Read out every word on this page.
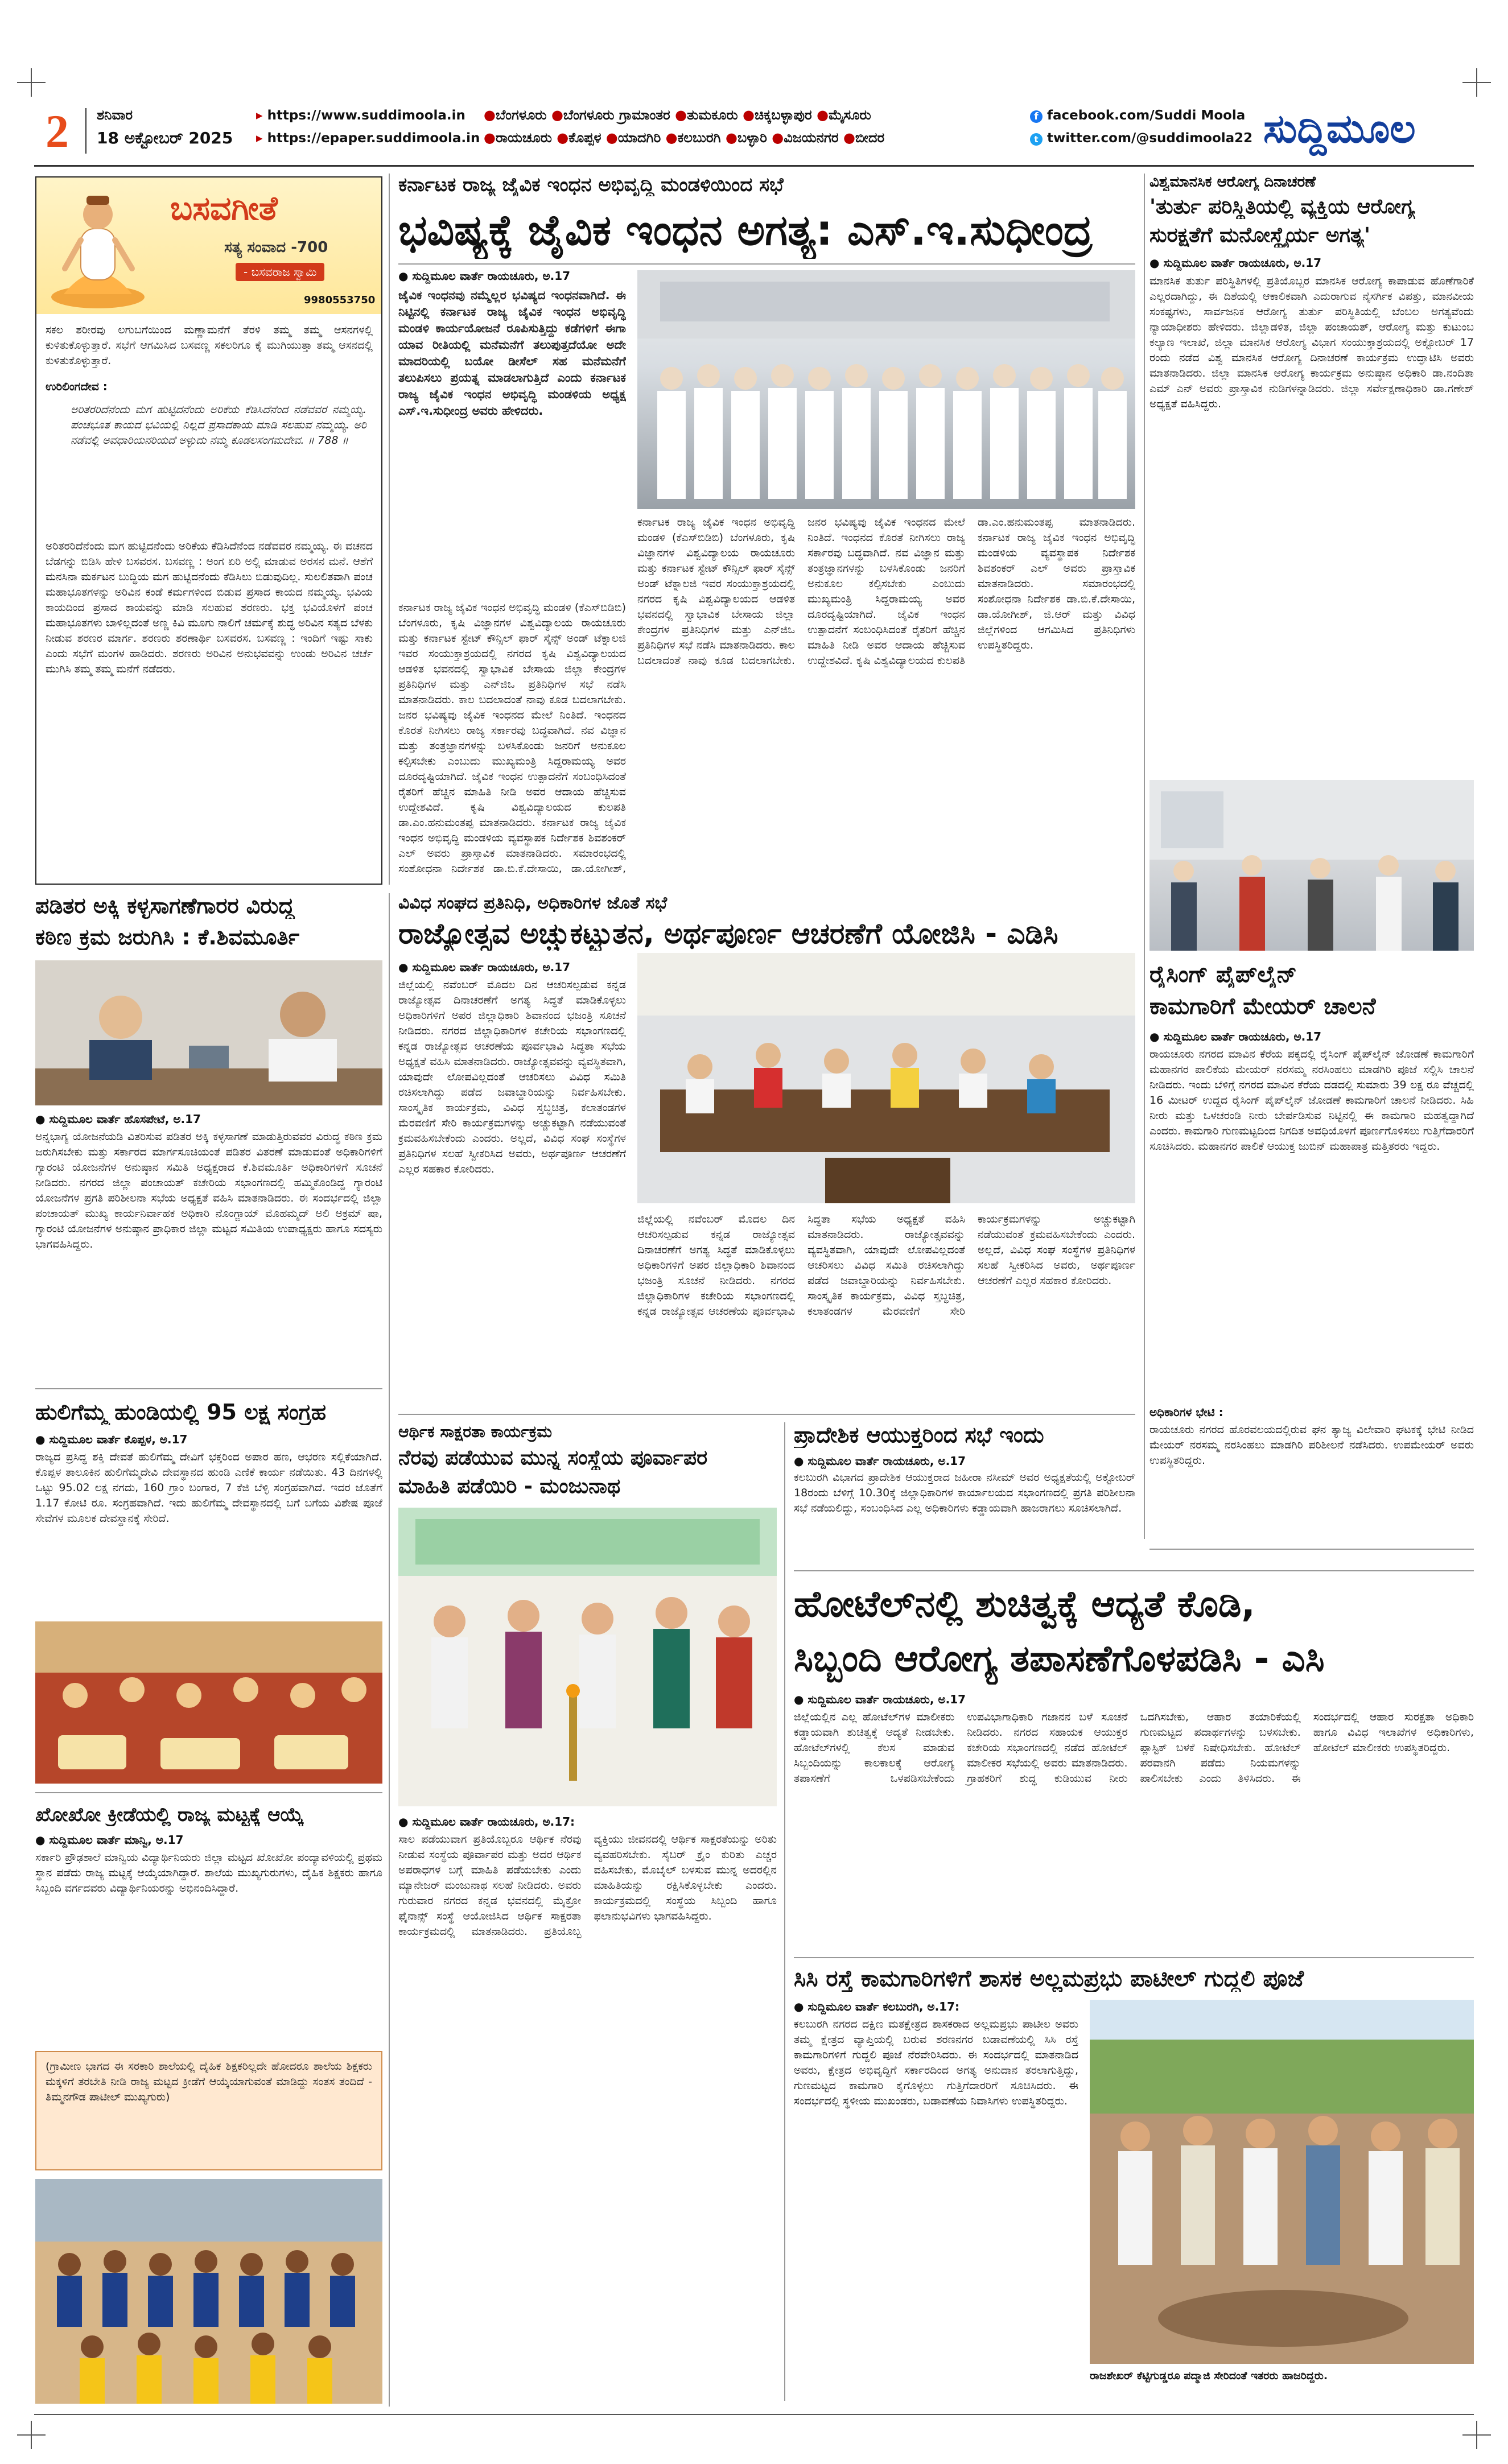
2 ಶನಿವಾರ
18 ಅಕ್ಟೋಬರ್ 2025
▸ https://www.suddimoola.in
▸ https://epaper.suddimoola.in
●ಬೆಂಗಳೂರು ●ಬೆಂಗಳೂರು ಗ್ರಾಮಾಂತರ ●ತುಮಕೂರು ●ಚಿಕ್ಕಬಳ್ಳಾಪುರ ●ಮೈಸೂರು
●ರಾಯಚೂರು ●ಕೊಪ್ಪಳ ●ಯಾದಗಿರಿ ●ಕಲಬುರಗಿ ●ಬಳ್ಳಾರಿ ●ವಿಜಯನಗರ ●ಬೀದರ
f facebook.com/Suddi Moola
t twitter.com/@suddimoola22 ಸುದ್ದಿಮೂಲ
ಬಸವಗೀತೆ
ಸತ್ಯ ಸಂವಾದ -700
- ಬಸವರಾಜ ಸ್ವಾಮಿ
9980553750
ಸಕಲ ಶರೀರವು ಲಗುಬಗೆಯಿಂದ ಮಣ್ಣಾಮನೆಗೆ ತೆರಳಿ ತಮ್ಮ ತಮ್ಮ ಆಸನಗಳಲ್ಲಿ ಕುಳಿತುಕೊಳ್ಳುತ್ತಾರೆ. ಸಭೆಗೆ ಆಗಮಿಸಿದ ಬಸವಣ್ಣ ಸಕಲರಿಗೂ ಕೈ ಮುಗಿಯುತ್ತಾ ತಮ್ಮ ಆಸನದಲ್ಲಿ ಕುಳಿತುಕೊಳ್ಳುತ್ತಾರೆ.
ಉರಿಲಿಂಗದೇವ :
ಅರಿತರರಿದೆನೆಂದು ಮಗ ಹುಟ್ಟಿದನೆಂದು ಅರಿಕೆಯ ಕೆಡಿಸಿದೆನೆಂದ ನಡೆವವರ ನಮ್ಮಯ್ಯ. ಪಂಚಭೂತ ಕಾಯದ ಭವಿಯಲ್ಲಿ ನಿಲ್ಲದ ಪ್ರಸಾದಕಾಯ ಮಾಡಿ ಸಲಹುವ ನಮ್ಮಯ್ಯ. ಅರಿ ನಡೆವಲ್ಲಿ ಅವಧಾರಿಯನರಿಯದೆ ಅಳ್ಳುದು ನಮ್ಮ ಕೂಡಲಸಂಗಮದೇವ. ॥ 788 ॥
ಅರಿತರರಿದೆನೆಂದು ಮಗ ಹುಟ್ಟಿದನೆಂದು ಅರಿಕೆಯ ಕೆಡಿಸಿದೆನೆಂದ ನಡೆವವರ ನಮ್ಮಯ್ಯ. ಈ ವಚನದ ಬೆಡಗನ್ನು ಬಿಡಿಸಿ ಹೇಳಿ ಬಸವರಸ. ಬಸವಣ್ಣ : ಅಂಗ ಏರಿ ಅಲ್ಲಿ ಮಾಡುವ ಅರಸನ ಮನೆ. ಆಶೆಗೆ ಮನಸಿನಾ ಮರ್ಕಟನ ಬುದ್ಧಿಯ ಮಗ ಹುಟ್ಟಿದನೆಂದು ಕೆಡಿಸಿಲು ಬಿಡುವುದಿಲ್ಲ. ಸುಲಲಿತವಾಗಿ ಪಂಚ ಮಹಾಭೂತಗಳನ್ನು ಅರಿವಿನ ಕಂಡೆ ಕರ್ಮಗಳಿಂದ ಬಿಡುವ ಪ್ರಸಾದ ಕಾಯದ ನಮ್ಮಯ್ಯ. ಭವಿಯ ಕಾಯದಿಂದ ಪ್ರಸಾದ ಕಾಯವನ್ನು ಮಾಡಿ ಸಲಹುವ ಶರಣರು. ಭಕ್ತ ಭವಿಯೊಳಗೆ ಪಂಚ ಮಹಾಭೂತಗಳು ಬಾಳಿಲ್ಲದಂತೆ ಅಣ್ಣ ಕಿವಿ ಮೂಗು ನಾಲಿಗೆ ಚರ್ಮಕ್ಕೆ ಶುದ್ಧ ಅರಿವಿನ ಸತ್ಯದ ಬೆಳಕು ನೀಡುವ ಶರಣರ ಮಾರ್ಗ. ಶರಣರು ಶರಣಾರ್ಥಿ ಬಸವರಸ. ಬಸವಣ್ಣ : ಇಂದಿಗೆ ಇಷ್ಟು ಸಾಕು ಎಂದು ಸಭೆಗೆ ಮಂಗಳ ಹಾಡಿದರು. ಶರಣರು ಅರಿವಿನ ಅನುಭವವನ್ನು ಉಂಡು ಅರಿವಿನ ಚರ್ಚೆ ಮುಗಿಸಿ ತಮ್ಮ ತಮ್ಮ ಮನೆಗೆ ನಡೆದರು.
ಕರ್ನಾಟಕ ರಾಜ್ಯ ಜೈವಿಕ ಇಂಧನ ಅಭಿವೃದ್ಧಿ ಮಂಡಳಿಯಿಂದ ಸಭೆ
ಭವಿಷ್ಯಕ್ಕೆ ಜೈವಿಕ ಇಂಧನ ಅಗತ್ಯ: ಎಸ್.ಇ.ಸುಧೀಂದ್ರ
● ಸುದ್ದಿಮೂಲ ವಾರ್ತೆ ರಾಯಚೂರು, ಅ.17
ಜೈವಿಕ ಇಂಧನವು ನಮ್ಮೆಲ್ಲರ ಭವಿಷ್ಯದ ಇಂಧನವಾಗಿದೆ. ಈ ನಿಟ್ಟಿನಲ್ಲಿ ಕರ್ನಾಟಕ ರಾಜ್ಯ ಜೈವಿಕ ಇಂಧನ ಅಭಿವೃದ್ಧಿ ಮಂಡಳಿ ಕಾರ್ಯಯೋಜನೆ ರೂಪಿಸುತ್ತಿದ್ದು ಕಡೆಗಳಿಗೆ ಈಗಾ ಯಾವ ರೀತಿಯಲ್ಲಿ ಮನೆಮನೆಗೆ ತಲುಪುತ್ತದೆಯೋ ಅದೇ ಮಾದರಿಯಲ್ಲಿ ಬಯೋ ಡೀಸೆಲ್ ಸಹ ಮನೆಮನೆಗೆ ತಲುಪಿಸಲು ಪ್ರಯತ್ನ ಮಾಡಲಾಗುತ್ತಿದೆ ಎಂದು ಕರ್ನಾಟಕ ರಾಜ್ಯ ಜೈವಿಕ ಇಂಧನ ಅಭಿವೃದ್ಧಿ ಮಂಡಳಿಯ ಅಧ್ಯಕ್ಷ ಎಸ್.ಇ.ಸುಧೀಂದ್ರ ಅವರು ಹೇಳಿದರು.
ಕರ್ನಾಟಕ ರಾಜ್ಯ ಜೈವಿಕ ಇಂಧನ ಅಭಿವೃದ್ಧಿ ಮಂಡಳಿ (ಕೆಎಸ್‌ಬಿಡಿಬಿ) ಬೆಂಗಳೂರು, ಕೃಷಿ ವಿಜ್ಞಾನಗಳ ವಿಶ್ವವಿದ್ಯಾಲಯ ರಾಯಚೂರು ಮತ್ತು ಕರ್ನಾಟಕ ಸ್ಟೇಟ್ ಕೌನ್ಸಿಲ್ ಫಾರ್ ಸೈನ್ಸ್ ಅಂಡ್ ಟೆಕ್ನಾಲಜಿ ಇವರ ಸಂಯುಕ್ತಾಶ್ರಯದಲ್ಲಿ ನಗರದ ಕೃಷಿ ವಿಶ್ವವಿದ್ಯಾಲಯದ ಆಡಳಿತ ಭವನದಲ್ಲಿ ಸ್ವಾಭಾವಿಕ ಬೇಸಾಯ ಜಿಲ್ಲಾ ಕೇಂದ್ರಗಳ ಪ್ರತಿನಿಧಿಗಳ ಮತ್ತು ಎನ್‌ಜಿಒ ಪ್ರತಿನಿಧಿಗಳ ಸಭೆ ನಡೆಸಿ ಮಾತನಾಡಿದರು. ಕಾಲ ಬದಲಾದಂತೆ ನಾವು ಕೂಡ ಬದಲಾಗಬೇಕು. ಜನರ ಭವಿಷ್ಯವು ಜೈವಿಕ ಇಂಧನದ ಮೇಲೆ ನಿಂತಿದೆ. ಇಂಧನದ ಕೊರತೆ ನೀಗಿಸಲು ರಾಜ್ಯ ಸರ್ಕಾರವು ಬದ್ಧವಾಗಿದೆ. ನವ ವಿಜ್ಞಾನ ಮತ್ತು ತಂತ್ರಜ್ಞಾನಗಳನ್ನು ಬಳಸಿಕೊಂಡು ಜನರಿಗೆ ಅನುಕೂಲ ಕಲ್ಪಿಸಬೇಕು ಎಂಬುದು ಮುಖ್ಯಮಂತ್ರಿ ಸಿದ್ದರಾಮಯ್ಯ ಅವರ ದೂರದೃಷ್ಟಿಯಾಗಿದೆ. ಜೈವಿಕ ಇಂಧನ ಉತ್ಪಾದನೆಗೆ ಸಂಬಂಧಿಸಿದಂತೆ ರೈತರಿಗೆ ಹೆಚ್ಚಿನ ಮಾಹಿತಿ ನೀಡಿ ಅವರ ಆದಾಯ ಹೆಚ್ಚಿಸುವ ಉದ್ದೇಶವಿದೆ. ಕೃಷಿ ವಿಶ್ವವಿದ್ಯಾಲಯದ ಕುಲಪತಿ ಡಾ.ಎಂ.ಹನುಮಂತಪ್ಪ ಮಾತನಾಡಿದರು. ಕರ್ನಾಟಕ ರಾಜ್ಯ ಜೈವಿಕ ಇಂಧನ ಅಭಿವೃದ್ಧಿ ಮಂಡಳಿಯ ವ್ಯವಸ್ಥಾಪಕ ನಿರ್ದೇಶಕ ಶಿವಶಂಕರ್ ಎಲ್ ಅವರು ಪ್ರಾಸ್ತಾವಿಕ ಮಾತನಾಡಿದರು. ಸಮಾರಂಭದಲ್ಲಿ ಸಂಶೋಧನಾ ನಿರ್ದೇಶಕ ಡಾ.ಬಿ.ಕೆ.ದೇಸಾಯಿ, ಡಾ.ಯೋಗೀಶ್,
ಕರ್ನಾಟಕ ರಾಜ್ಯ ಜೈವಿಕ ಇಂಧನ ಅಭಿವೃದ್ಧಿ ಮಂಡಳಿ (ಕೆಎಸ್‌ಬಿಡಿಬಿ) ಬೆಂಗಳೂರು, ಕೃಷಿ ವಿಜ್ಞಾನಗಳ ವಿಶ್ವವಿದ್ಯಾಲಯ ರಾಯಚೂರು ಮತ್ತು ಕರ್ನಾಟಕ ಸ್ಟೇಟ್ ಕೌನ್ಸಿಲ್ ಫಾರ್ ಸೈನ್ಸ್ ಅಂಡ್ ಟೆಕ್ನಾಲಜಿ ಇವರ ಸಂಯುಕ್ತಾಶ್ರಯದಲ್ಲಿ ನಗರದ ಕೃಷಿ ವಿಶ್ವವಿದ್ಯಾಲಯದ ಆಡಳಿತ ಭವನದಲ್ಲಿ ಸ್ವಾಭಾವಿಕ ಬೇಸಾಯ ಜಿಲ್ಲಾ ಕೇಂದ್ರಗಳ ಪ್ರತಿನಿಧಿಗಳ ಮತ್ತು ಎನ್‌ಜಿಒ ಪ್ರತಿನಿಧಿಗಳ ಸಭೆ ನಡೆಸಿ ಮಾತನಾಡಿದರು. ಕಾಲ ಬದಲಾದಂತೆ ನಾವು ಕೂಡ ಬದಲಾಗಬೇಕು. ಜನರ ಭವಿಷ್ಯವು ಜೈವಿಕ ಇಂಧನದ ಮೇಲೆ ನಿಂತಿದೆ. ಇಂಧನದ ಕೊರತೆ ನೀಗಿಸಲು ರಾಜ್ಯ ಸರ್ಕಾರವು ಬದ್ಧವಾಗಿದೆ. ನವ ವಿಜ್ಞಾನ ಮತ್ತು ತಂತ್ರಜ್ಞಾನಗಳನ್ನು ಬಳಸಿಕೊಂಡು ಜನರಿಗೆ ಅನುಕೂಲ ಕಲ್ಪಿಸಬೇಕು ಎಂಬುದು ಮುಖ್ಯಮಂತ್ರಿ ಸಿದ್ದರಾಮಯ್ಯ ಅವರ ದೂರದೃಷ್ಟಿಯಾಗಿದೆ. ಜೈವಿಕ ಇಂಧನ ಉತ್ಪಾದನೆಗೆ ಸಂಬಂಧಿಸಿದಂತೆ ರೈತರಿಗೆ ಹೆಚ್ಚಿನ ಮಾಹಿತಿ ನೀಡಿ ಅವರ ಆದಾಯ ಹೆಚ್ಚಿಸುವ ಉದ್ದೇಶವಿದೆ. ಕೃಷಿ ವಿಶ್ವವಿದ್ಯಾಲಯದ ಕುಲಪತಿ ಡಾ.ಎಂ.ಹನುಮಂತಪ್ಪ ಮಾತನಾಡಿದರು. ಕರ್ನಾಟಕ ರಾಜ್ಯ ಜೈವಿಕ ಇಂಧನ ಅಭಿವೃದ್ಧಿ ಮಂಡಳಿಯ ವ್ಯವಸ್ಥಾಪಕ ನಿರ್ದೇಶಕ ಶಿವಶಂಕರ್ ಎಲ್ ಅವರು ಪ್ರಾಸ್ತಾವಿಕ ಮಾತನಾಡಿದರು. ಸಮಾರಂಭದಲ್ಲಿ ಸಂಶೋಧನಾ ನಿರ್ದೇಶಕ ಡಾ.ಬಿ.ಕೆ.ದೇಸಾಯಿ, ಡಾ.ಯೋಗೀಶ್, ಜಿ.ಆರ್ ಮತ್ತು ವಿವಿಧ ಜಿಲ್ಲೆಗಳಿಂದ ಆಗಮಿಸಿದ ಪ್ರತಿನಿಧಿಗಳು ಉಪಸ್ಥಿತರಿದ್ದರು.
ವಿಶ್ವಮಾನಸಿಕ ಆರೋಗ್ಯ ದಿನಾಚರಣೆ
'ತುರ್ತು ಪರಿಸ್ಥಿತಿಯಲ್ಲಿ ವ್ಯಕ್ತಿಯ ಆರೋಗ್ಯ
ಸುರಕ್ಷತೆಗೆ ಮನೋಸ್ಥೈರ್ಯ ಅಗತ್ಯ'
● ಸುದ್ದಿಮೂಲ ವಾರ್ತೆ ರಾಯಚೂರು, ಅ.17
ಮಾನಸಿಕ ತುರ್ತು ಪರಿಸ್ಥಿತಿಗಳಲ್ಲಿ ಪ್ರತಿಯೊಬ್ಬರ ಮಾನಸಿಕ ಆರೋಗ್ಯ ಕಾಪಾಡುವ ಹೊಣೆಗಾರಿಕೆ ಎಲ್ಲರದಾಗಿದ್ದು, ಈ ದಿಶೆಯಲ್ಲಿ ಆಕಾಲಿಕವಾಗಿ ಎದುರಾಗುವ ನೈಸರ್ಗಿಕ ವಿಪತ್ತು, ಮಾನವೀಯ ಸಂಕಷ್ಟಗಳು, ಸಾರ್ವಜನಿಕ ಆರೋಗ್ಯ ತುರ್ತು ಪರಿಸ್ಥಿತಿಯಲ್ಲಿ ಬೆಂಬಲ ಅಗತ್ಯವೆಂದು ನ್ಯಾಯಾಧೀಶರು ಹೇಳಿದರು. ಜಿಲ್ಲಾಡಳಿತ, ಜಿಲ್ಲಾ ಪಂಚಾಯತ್, ಆರೋಗ್ಯ ಮತ್ತು ಕುಟುಂಬ ಕಲ್ಯಾಣ ಇಲಾಖೆ, ಜಿಲ್ಲಾ ಮಾನಸಿಕ ಆರೋಗ್ಯ ವಿಭಾಗ ಸಂಯುಕ್ತಾಶ್ರಯದಲ್ಲಿ ಅಕ್ಟೋಬರ್ 17 ರಂದು ನಡೆದ ವಿಶ್ವ ಮಾನಸಿಕ ಆರೋಗ್ಯ ದಿನಾಚರಣೆ ಕಾರ್ಯಕ್ರಮ ಉದ್ಘಾಟಿಸಿ ಅವರು ಮಾತನಾಡಿದರು. ಜಿಲ್ಲಾ ಮಾನಸಿಕ ಆರೋಗ್ಯ ಕಾರ್ಯಕ್ರಮ ಅನುಷ್ಠಾನ ಅಧಿಕಾರಿ ಡಾ.ನಂದಿತಾ ಎಮ್ ಎನ್ ಅವರು ಪ್ರಾಸ್ತಾವಿಕ ನುಡಿಗಳನ್ನಾಡಿದರು. ಜಿಲ್ಲಾ ಸರ್ವೇಕ್ಷಣಾಧಿಕಾರಿ ಡಾ.ಗಣೇಶ್ ಅಧ್ಯಕ್ಷತೆ ವಹಿಸಿದ್ದರು.
ಪಡಿತರ ಅಕ್ಕಿ ಕಳ್ಳಸಾಗಣೆಗಾರರ ವಿರುದ್ಧ
ಕಠಿಣ ಕ್ರಮ ಜರುಗಿಸಿ : ಕೆ.ಶಿವಮೂರ್ತಿ
● ಸುದ್ದಿಮೂಲ ವಾರ್ತೆ ಹೊಸಪೇಟೆ, ಅ.17
ಅನ್ನಭಾಗ್ಯ ಯೋಜನೆಯಡಿ ವಿತರಿಸುವ ಪಡಿತರ ಅಕ್ಕಿ ಕಳ್ಳಸಾಗಣೆ ಮಾಡುತ್ತಿರುವವರ ವಿರುದ್ಧ ಕಠಿಣ ಕ್ರಮ ಜರುಗಿಸಬೇಕು ಮತ್ತು ಸರ್ಕಾರದ ಮಾರ್ಗಸೂಚಿಯಂತೆ ಪಡಿತರ ವಿತರಣೆ ಮಾಡುವಂತೆ ಅಧಿಕಾರಿಗಳಿಗೆ ಗ್ಯಾರಂಟಿ ಯೋಜನೆಗಳ ಅನುಷ್ಠಾನ ಸಮಿತಿ ಅಧ್ಯಕ್ಷರಾದ ಕೆ.ಶಿವಮೂರ್ತಿ ಅಧಿಕಾರಿಗಳಿಗೆ ಸೂಚನೆ ನೀಡಿದರು. ನಗರದ ಜಿಲ್ಲಾ ಪಂಚಾಯತ್ ಕಚೇರಿಯ ಸಭಾಂಗಣದಲ್ಲಿ ಹಮ್ಮಿಕೊಂಡಿದ್ದ ಗ್ಯಾರಂಟಿ ಯೋಜನೆಗಳ ಪ್ರಗತಿ ಪರಿಶೀಲನಾ ಸಭೆಯ ಅಧ್ಯಕ್ಷತೆ ವಹಿಸಿ ಮಾತನಾಡಿದರು. ಈ ಸಂದರ್ಭದಲ್ಲಿ ಜಿಲ್ಲಾ ಪಂಚಾಯತ್ ಮುಖ್ಯ ಕಾರ್ಯನಿರ್ವಾಹಕ ಅಧಿಕಾರಿ ನೊಂಗ್ಜಾಯ್ ಮೊಹಮ್ಮದ್ ಅಲಿ ಅಕ್ರಮ್ ಷಾ, ಗ್ಯಾರಂಟಿ ಯೋಜನೆಗಳ ಅನುಷ್ಠಾನ ಪ್ರಾಧಿಕಾರ ಜಿಲ್ಲಾ ಮಟ್ಟದ ಸಮಿತಿಯ ಉಪಾಧ್ಯಕ್ಷರು ಹಾಗೂ ಸದಸ್ಯರು ಭಾಗವಹಿಸಿದ್ದರು.
ಹುಲಿಗೆಮ್ಮ ಹುಂಡಿಯಲ್ಲಿ 95 ಲಕ್ಷ ಸಂಗ್ರಹ
● ಸುದ್ದಿಮೂಲ ವಾರ್ತೆ ಕೊಪ್ಪಳ, ಅ.17
ರಾಜ್ಯದ ಪ್ರಸಿದ್ಧ ಶಕ್ತಿ ದೇವತೆ ಹುಲಿಗೆಮ್ಮ ದೇವಿಗೆ ಭಕ್ತರಿಂದ ಅಪಾರ ಹಣ, ಆಭರಣ ಸಲ್ಲಿಕೆಯಾಗಿದೆ. ಕೊಪ್ಪಳ ತಾಲೂಕಿನ ಹುಲಿಗೆಮ್ಮದೇವಿ ದೇವಸ್ಥಾನದ ಹುಂಡಿ ಎಣಿಕೆ ಕಾರ್ಯ ನಡೆಯಿತು. 43 ದಿನಗಳಲ್ಲಿ ಒಟ್ಟು 95.02 ಲಕ್ಷ ನಗದು, 160 ಗ್ರಾಂ ಬಂಗಾರ, 7 ಕೆಜಿ ಬೆಳ್ಳಿ ಸಂಗ್ರಹವಾಗಿದೆ. ಇದರ ಜೊತೆಗೆ 1.17 ಕೋಟಿ ರೂ. ಸಂಗ್ರಹವಾಗಿದೆ. ಇದು ಹುಲಿಗೆಮ್ಮ ದೇವಸ್ಥಾನದಲ್ಲಿ ಬಗೆ ಬಗೆಯ ವಿಶೇಷ ಪೂಜೆ ಸೇವೆಗಳ ಮೂಲಕ ದೇವಸ್ಥಾನಕ್ಕೆ ಸೇರಿದೆ.
ಖೋಖೋ ಕ್ರೀಡೆಯಲ್ಲಿ ರಾಜ್ಯ ಮಟ್ಟಕ್ಕೆ ಆಯ್ಕೆ
● ಸುದ್ದಿಮೂಲ ವಾರ್ತೆ ಮಾನ್ವಿ, ಅ.17
ಸರ್ಕಾರಿ ಪ್ರೌಢಶಾಲೆ ಮಾನ್ವಿಯ ವಿದ್ಯಾರ್ಥಿನಿಯರು ಜಿಲ್ಲಾ ಮಟ್ಟದ ಖೋಖೋ ಪಂದ್ಯಾವಳಿಯಲ್ಲಿ ಪ್ರಥಮ ಸ್ಥಾನ ಪಡೆದು ರಾಜ್ಯ ಮಟ್ಟಕ್ಕೆ ಆಯ್ಕೆಯಾಗಿದ್ದಾರೆ. ಶಾಲೆಯ ಮುಖ್ಯಗುರುಗಳು, ದೈಹಿಕ ಶಿಕ್ಷಕರು ಹಾಗೂ ಸಿಬ್ಬಂದಿ ವರ್ಗದವರು ವಿದ್ಯಾರ್ಥಿನಿಯರನ್ನು ಅಭಿನಂದಿಸಿದ್ದಾರೆ.
(ಗ್ರಾಮೀಣ ಭಾಗದ ಈ ಸರಕಾರಿ ಶಾಲೆಯಲ್ಲಿ ದೈಹಿಕ ಶಿಕ್ಷಕರಿಲ್ಲದೇ ಹೋದರೂ ಶಾಲೆಯ ಶಿಕ್ಷಕರು ಮಕ್ಕಳಿಗೆ ತರಬೇತಿ ನೀಡಿ ರಾಜ್ಯ ಮಟ್ಟದ ಕ್ರೀಡೆಗೆ ಆಯ್ಕೆಯಾಗುವಂತೆ ಮಾಡಿದ್ದು ಸಂತಸ ತಂದಿದೆ - ತಿಮ್ಮನಗೌಡ ಪಾಟೀಲ್ ಮುಖ್ಯಗುರು)
ವಿವಿಧ ಸಂಘದ ಪ್ರತಿನಿಧಿ, ಅಧಿಕಾರಿಗಳ ಜೊತೆ ಸಭೆ
ರಾಜ್ಯೋತ್ಸವ ಅಚ್ಚುಕಟ್ಟುತನ, ಅರ್ಥಪೂರ್ಣ ಆಚರಣೆಗೆ ಯೋಜಿಸಿ - ಎಡಿಸಿ
● ಸುದ್ದಿಮೂಲ ವಾರ್ತೆ ರಾಯಚೂರು, ಅ.17
ಜಿಲ್ಲೆಯಲ್ಲಿ ನವೆಂಬರ್ ಮೊದಲ ದಿನ ಆಚರಿಸಲ್ಪಡುವ ಕನ್ನಡ ರಾಜ್ಯೋತ್ಸವ ದಿನಾಚರಣೆಗೆ ಅಗತ್ಯ ಸಿದ್ಧತೆ ಮಾಡಿಕೊಳ್ಳಲು ಅಧಿಕಾರಿಗಳಿಗೆ ಅಪರ ಜಿಲ್ಲಾಧಿಕಾರಿ ಶಿವಾನಂದ ಭಜಂತ್ರಿ ಸೂಚನೆ ನೀಡಿದರು. ನಗರದ ಜಿಲ್ಲಾಧಿಕಾರಿಗಳ ಕಚೇರಿಯ ಸಭಾಂಗಣದಲ್ಲಿ ಕನ್ನಡ ರಾಜ್ಯೋತ್ಸವ ಆಚರಣೆಯ ಪೂರ್ವಭಾವಿ ಸಿದ್ಧತಾ ಸಭೆಯ ಅಧ್ಯಕ್ಷತೆ ವಹಿಸಿ ಮಾತನಾಡಿದರು. ರಾಜ್ಯೋತ್ಸವವನ್ನು ವ್ಯವಸ್ಥಿತವಾಗಿ, ಯಾವುದೇ ಲೋಪವಿಲ್ಲದಂತೆ ಆಚರಿಸಲು ವಿವಿಧ ಸಮಿತಿ ರಚಿಸಲಾಗಿದ್ದು ಪಡೆದ ಜವಾಬ್ದಾರಿಯನ್ನು ನಿರ್ವಹಿಸಬೇಕು. ಸಾಂಸ್ಕೃತಿಕ ಕಾರ್ಯಕ್ರಮ, ವಿವಿಧ ಸ್ತಬ್ಧಚಿತ್ರ, ಕಲಾತಂಡಗಳ ಮೆರವಣಿಗೆ ಸೇರಿ ಕಾರ್ಯಕ್ರಮಗಳನ್ನು ಅಚ್ಚುಕಟ್ಟಾಗಿ ನಡೆಯುವಂತೆ ಕ್ರಮವಹಿಸಬೇಕೆಂದು ಎಂದರು. ಅಲ್ಲದೆ, ವಿವಿಧ ಸಂಘ ಸಂಸ್ಥೆಗಳ ಪ್ರತಿನಿಧಿಗಳ ಸಲಹೆ ಸ್ವೀಕರಿಸಿದ ಅವರು, ಅರ್ಥಪೂರ್ಣ ಆಚರಣೆಗೆ ಎಲ್ಲರ ಸಹಕಾರ ಕೋರಿದರು.
ಜಿಲ್ಲೆಯಲ್ಲಿ ನವೆಂಬರ್ ಮೊದಲ ದಿನ ಆಚರಿಸಲ್ಪಡುವ ಕನ್ನಡ ರಾಜ್ಯೋತ್ಸವ ದಿನಾಚರಣೆಗೆ ಅಗತ್ಯ ಸಿದ್ಧತೆ ಮಾಡಿಕೊಳ್ಳಲು ಅಧಿಕಾರಿಗಳಿಗೆ ಅಪರ ಜಿಲ್ಲಾಧಿಕಾರಿ ಶಿವಾನಂದ ಭಜಂತ್ರಿ ಸೂಚನೆ ನೀಡಿದರು. ನಗರದ ಜಿಲ್ಲಾಧಿಕಾರಿಗಳ ಕಚೇರಿಯ ಸಭಾಂಗಣದಲ್ಲಿ ಕನ್ನಡ ರಾಜ್ಯೋತ್ಸವ ಆಚರಣೆಯ ಪೂರ್ವಭಾವಿ ಸಿದ್ಧತಾ ಸಭೆಯ ಅಧ್ಯಕ್ಷತೆ ವಹಿಸಿ ಮಾತನಾಡಿದರು. ರಾಜ್ಯೋತ್ಸವವನ್ನು ವ್ಯವಸ್ಥಿತವಾಗಿ, ಯಾವುದೇ ಲೋಪವಿಲ್ಲದಂತೆ ಆಚರಿಸಲು ವಿವಿಧ ಸಮಿತಿ ರಚಿಸಲಾಗಿದ್ದು ಪಡೆದ ಜವಾಬ್ದಾರಿಯನ್ನು ನಿರ್ವಹಿಸಬೇಕು. ಸಾಂಸ್ಕೃತಿಕ ಕಾರ್ಯಕ್ರಮ, ವಿವಿಧ ಸ್ತಬ್ಧಚಿತ್ರ, ಕಲಾತಂಡಗಳ ಮೆರವಣಿಗೆ ಸೇರಿ ಕಾರ್ಯಕ್ರಮಗಳನ್ನು ಅಚ್ಚುಕಟ್ಟಾಗಿ ನಡೆಯುವಂತೆ ಕ್ರಮವಹಿಸಬೇಕೆಂದು ಎಂದರು. ಅಲ್ಲದೆ, ವಿವಿಧ ಸಂಘ ಸಂಸ್ಥೆಗಳ ಪ್ರತಿನಿಧಿಗಳ ಸಲಹೆ ಸ್ವೀಕರಿಸಿದ ಅವರು, ಅರ್ಥಪೂರ್ಣ ಆಚರಣೆಗೆ ಎಲ್ಲರ ಸಹಕಾರ ಕೋರಿದರು.
ರೈಸಿಂಗ್ ಪೈಪ್‌ಲೈನ್
ಕಾಮಗಾರಿಗೆ ಮೇಯರ್ ಚಾಲನೆ
● ಸುದ್ದಿಮೂಲ ವಾರ್ತೆ ರಾಯಚೂರು, ಅ.17
ರಾಯಚೂರು ನಗರದ ಮಾವಿನ ಕೆರೆಯ ಪಕ್ಕದಲ್ಲಿ ರೈಸಿಂಗ್ ಪೈಪ್‌ಲೈನ್ ಜೋಡಣೆ ಕಾಮಗಾರಿಗೆ ಮಹಾನಗರ ಪಾಲಿಕೆಯ ಮೇಯರ್ ನರಸಮ್ಮ ನರಸಿಂಹಲು ಮಾಡಗಿರಿ ಪೂಜೆ ಸಲ್ಲಿಸಿ ಚಾಲನೆ ನೀಡಿದರು. ಇಂದು ಬೆಳಿಗ್ಗೆ ನಗರದ ಮಾವಿನ ಕೆರೆಯ ದಡದಲ್ಲಿ ಸುಮಾರು 39 ಲಕ್ಷ ರೂ ವೆಚ್ಚದಲ್ಲಿ 16 ಮೀಟರ್ ಉದ್ದದ ರೈಸಿಂಗ್ ಪೈಪ್‌ಲೈನ್ ಜೋಡಣೆ ಕಾಮಗಾರಿಗೆ ಚಾಲನೆ ನೀಡಿದರು. ಸಿಹಿ ನೀರು ಮತ್ತು ಒಳಚರಂಡಿ ನೀರು ಬೇರ್ಪಡಿಸುವ ನಿಟ್ಟಿನಲ್ಲಿ ಈ ಕಾಮಗಾರಿ ಮಹತ್ವದ್ದಾಗಿದೆ ಎಂದರು. ಕಾಮಗಾರಿ ಗುಣಮಟ್ಟದಿಂದ ನಿಗದಿತ ಅವಧಿಯೊಳಗೆ ಪೂರ್ಣಗೊಳಿಸಲು ಗುತ್ತಿಗೆದಾರರಿಗೆ ಸೂಚಿಸಿದರು. ಮಹಾನಗರ ಪಾಲಿಕೆ ಆಯುಕ್ತ ಜುಬಿನ್ ಮಹಾಪಾತ್ರ ಮತ್ತಿತರರು ಇದ್ದರು.
ಅಧಿಕಾರಿಗಳ ಭೇಟಿ :
ರಾಯಚೂರು ನಗರದ ಹೊರವಲಯದಲ್ಲಿರುವ ಘನ ತ್ಯಾಜ್ಯ ವಿಲೇವಾರಿ ಘಟಕಕ್ಕೆ ಭೇಟಿ ನೀಡಿದ ಮೇಯರ್ ನರಸಮ್ಮ ನರಸಿಂಹಲು ಮಾಡಗಿರಿ ಪರಿಶೀಲನೆ ನಡೆಸಿದರು. ಉಪಮೇಯರ್ ಅವರು ಉಪಸ್ಥಿತರಿದ್ದರು.
ಆರ್ಥಿಕ ಸಾಕ್ಷರತಾ ಕಾರ್ಯಕ್ರಮ
ನೆರವು ಪಡೆಯುವ ಮುನ್ನ ಸಂಸ್ಥೆಯ ಪೂರ್ವಾಪರ
ಮಾಹಿತಿ ಪಡೆಯಿರಿ - ಮಂಜುನಾಥ
● ಸುದ್ದಿಮೂಲ ವಾರ್ತೆ ರಾಯಚೂರು, ಅ.17:
ಸಾಲ ಪಡೆಯುವಾಗ ಪ್ರತಿಯೊಬ್ಬರೂ ಆರ್ಥಿಕ ನೆರವು ನೀಡುವ ಸಂಸ್ಥೆಯ ಪೂರ್ವಾಪರ ಮತ್ತು ಅದರ ಆರ್ಥಿಕ ಅಪರಾಧಗಳ ಬಗ್ಗೆ ಮಾಹಿತಿ ಪಡೆಯಬೇಕು ಎಂದು ಮ್ಯಾನೇಜರ್ ಮಂಜುನಾಥ ಸಲಹೆ ನೀಡಿದರು. ಅವರು ಗುರುವಾರ ನಗರದ ಕನ್ನಡ ಭವನದಲ್ಲಿ ಮೈಕ್ರೋ ಫೈನಾನ್ಸ್ ಸಂಸ್ಥೆ ಆಯೋಜಿಸಿದ ಆರ್ಥಿಕ ಸಾಕ್ಷರತಾ ಕಾರ್ಯಕ್ರಮದಲ್ಲಿ ಮಾತನಾಡಿದರು. ಪ್ರತಿಯೊಬ್ಬ ವ್ಯಕ್ತಿಯು ಜೀವನದಲ್ಲಿ ಆರ್ಥಿಕ ಸಾಕ್ಷರತೆಯನ್ನು ಅರಿತು ವ್ಯವಹರಿಸಬೇಕು. ಸೈಬರ್ ಕ್ರೈಂ ಕುರಿತು ಎಚ್ಚರ ವಹಿಸಬೇಕು, ಮೊಬೈಲ್ ಬಳಸುವ ಮುನ್ನ ಅದರಲ್ಲಿನ ಮಾಹಿತಿಯನ್ನು ರಕ್ಷಿಸಿಕೊಳ್ಳಬೇಕು ಎಂದರು. ಕಾರ್ಯಕ್ರಮದಲ್ಲಿ ಸಂಸ್ಥೆಯ ಸಿಬ್ಬಂದಿ ಹಾಗೂ ಫಲಾನುಭವಿಗಳು ಭಾಗವಹಿಸಿದ್ದರು.
ಪ್ರಾದೇಶಿಕ ಆಯುಕ್ತರಿಂದ ಸಭೆ ಇಂದು
● ಸುದ್ದಿಮೂಲ ವಾರ್ತೆ ರಾಯಚೂರು, ಅ.17
ಕಲಬುರಗಿ ವಿಭಾಗದ ಪ್ರಾದೇಶಿಕ ಆಯುಕ್ತರಾದ ಜಹೀರಾ ನಸೀಮ್ ಅವರ ಅಧ್ಯಕ್ಷತೆಯಲ್ಲಿ ಅಕ್ಟೋಬರ್ 18ರಂದು ಬೆಳಿಗ್ಗೆ 10.30ಕ್ಕೆ ಜಿಲ್ಲಾಧಿಕಾರಿಗಳ ಕಾರ್ಯಾಲಯದ ಸಭಾಂಗಣದಲ್ಲಿ ಪ್ರಗತಿ ಪರಿಶೀಲನಾ ಸಭೆ ನಡೆಯಲಿದ್ದು, ಸಂಬಂಧಿಸಿದ ಎಲ್ಲ ಅಧಿಕಾರಿಗಳು ಕಡ್ಡಾಯವಾಗಿ ಹಾಜರಾಗಲು ಸೂಚಿಸಲಾಗಿದೆ.
ಹೋಟೆಲ್‌ನಲ್ಲಿ ಶುಚಿತ್ವಕ್ಕೆ ಆದ್ಯತೆ ಕೊಡಿ,
ಸಿಬ್ಬಂದಿ ಆರೋಗ್ಯ ತಪಾಸಣೆಗೊಳಪಡಿಸಿ - ಎಸಿ
● ಸುದ್ದಿಮೂಲ ವಾರ್ತೆ ರಾಯಚೂರು, ಅ.17
ಜಿಲ್ಲೆಯಲ್ಲಿನ ಎಲ್ಲ ಹೋಟೆಲ್‌ಗಳ ಮಾಲೀಕರು ಕಡ್ಡಾಯವಾಗಿ ಶುಚಿತ್ವಕ್ಕೆ ಆದ್ಯತೆ ನೀಡಬೇಕು. ಹೋಟೆಲ್‌ಗಳಲ್ಲಿ ಕೆಲಸ ಮಾಡುವ ಸಿಬ್ಬಂದಿಯನ್ನು ಕಾಲಕಾಲಕ್ಕೆ ಆರೋಗ್ಯ ತಪಾಸಣೆಗೆ ಒಳಪಡಿಸಬೇಕೆಂದು ಉಪವಿಭಾಗಾಧಿಕಾರಿ ಗಜಾನನ ಬಳೆ ಸೂಚನೆ ನೀಡಿದರು. ನಗರದ ಸಹಾಯಕ ಆಯುಕ್ತರ ಕಚೇರಿಯ ಸಭಾಂಗಣದಲ್ಲಿ ನಡೆದ ಹೋಟೆಲ್ ಮಾಲೀಕರ ಸಭೆಯಲ್ಲಿ ಅವರು ಮಾತನಾಡಿದರು. ಗ್ರಾಹಕರಿಗೆ ಶುದ್ಧ ಕುಡಿಯುವ ನೀರು ಒದಗಿಸಬೇಕು, ಆಹಾರ ತಯಾರಿಕೆಯಲ್ಲಿ ಗುಣಮಟ್ಟದ ಪದಾರ್ಥಗಳನ್ನು ಬಳಸಬೇಕು. ಪ್ಲಾಸ್ಟಿಕ್ ಬಳಕೆ ನಿಷೇಧಿಸಬೇಕು. ಹೋಟೆಲ್ ಪರವಾನಗಿ ಪಡೆದು ನಿಯಮಗಳನ್ನು ಪಾಲಿಸಬೇಕು ಎಂದು ತಿಳಿಸಿದರು. ಈ ಸಂದರ್ಭದಲ್ಲಿ ಆಹಾರ ಸುರಕ್ಷತಾ ಅಧಿಕಾರಿ ಹಾಗೂ ವಿವಿಧ ಇಲಾಖೆಗಳ ಅಧಿಕಾರಿಗಳು, ಹೋಟೆಲ್ ಮಾಲೀಕರು ಉಪಸ್ಥಿತರಿದ್ದರು.
ಸಿಸಿ ರಸ್ತೆ ಕಾಮಗಾರಿಗಳಿಗೆ ಶಾಸಕ ಅಲ್ಲಮಪ್ರಭು ಪಾಟೀಲ್ ಗುದ್ದಲಿ ಪೂಜೆ
● ಸುದ್ದಿಮೂಲ ವಾರ್ತೆ ಕಲಬುರಗಿ, ಅ.17:
ಕಲಬುರಗಿ ನಗರದ ದಕ್ಷಿಣ ಮತಕ್ಷೇತ್ರದ ಶಾಸಕರಾದ ಅಲ್ಲಮಪ್ರಭು ಪಾಟೀಲ ಅವರು ತಮ್ಮ ಕ್ಷೇತ್ರದ ವ್ಯಾಪ್ತಿಯಲ್ಲಿ ಬರುವ ಶರಣನಗರ ಬಡಾವಣೆಯಲ್ಲಿ ಸಿಸಿ ರಸ್ತೆ ಕಾಮಗಾರಿಗಳಿಗೆ ಗುದ್ದಲಿ ಪೂಜೆ ನೆರವೇರಿಸಿದರು. ಈ ಸಂದರ್ಭದಲ್ಲಿ ಮಾತನಾಡಿದ ಅವರು, ಕ್ಷೇತ್ರದ ಅಭಿವೃದ್ಧಿಗೆ ಸರ್ಕಾರದಿಂದ ಅಗತ್ಯ ಅನುದಾನ ತರಲಾಗುತ್ತಿದ್ದು, ಗುಣಮಟ್ಟದ ಕಾಮಗಾರಿ ಕೈಗೊಳ್ಳಲು ಗುತ್ತಿಗೆದಾರರಿಗೆ ಸೂಚಿಸಿದರು. ಈ ಸಂದರ್ಭದಲ್ಲಿ ಸ್ಥಳೀಯ ಮುಖಂಡರು, ಬಡಾವಣೆಯ ನಿವಾಸಿಗಳು ಉಪಸ್ಥಿತರಿದ್ದರು.
ರಾಜಶೇಖರ್ ಕೆಟ್ಟಿಗುಡ್ಡರೂ ಪದ್ಮಾಜಿ ಸೇರಿದಂತೆ ಇತರರು ಹಾಜರಿದ್ದರು.
